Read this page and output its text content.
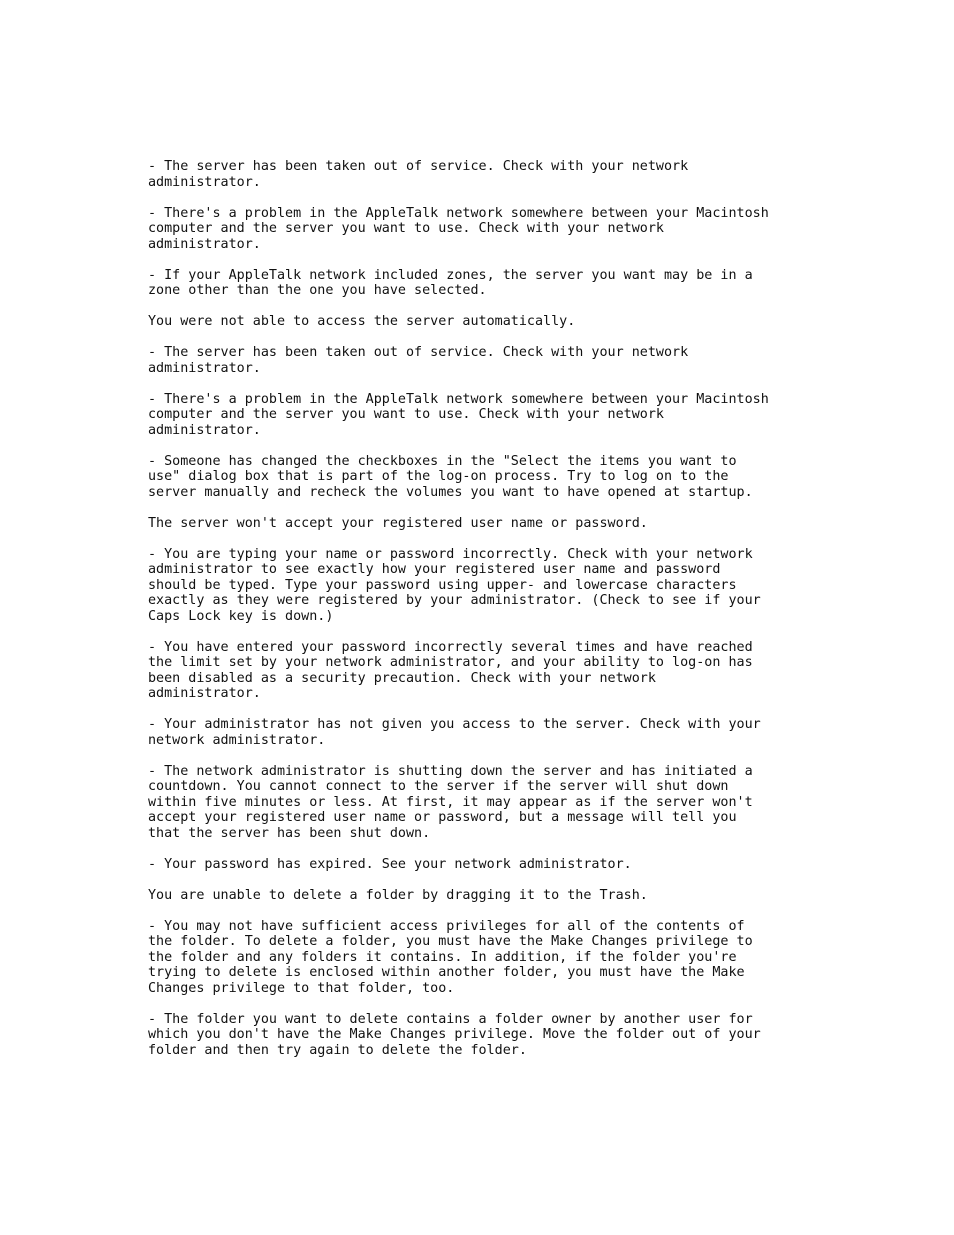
- The server has been taken out of service. Check with your network
administrator.

- There's a problem in the AppleTalk network somewhere between your Macintosh
computer and the server you want to use. Check with your network
administrator.

- If your AppleTalk network included zones, the server you want may be in a
zone other than the one you have selected.

You were not able to access the server automatically.

- The server has been taken out of service. Check with your network
administrator.

- There's a problem in the AppleTalk network somewhere between your Macintosh
computer and the server you want to use. Check with your network
administrator.

- Someone has changed the checkboxes in the "Select the items you want to
use" dialog box that is part of the log-on process. Try to log on to the
server manually and recheck the volumes you want to have opened at startup.

The server won't accept your registered user name or password.

- You are typing your name or password incorrectly. Check with your network
administrator to see exactly how your registered user name and password
should be typed. Type your password using upper- and lowercase characters
exactly as they were registered by your administrator. (Check to see if your
Caps Lock key is down.)

- You have entered your password incorrectly several times and have reached
the limit set by your network administrator, and your ability to log-on has
been disabled as a security precaution. Check with your network
administrator.

- Your administrator has not given you access to the server. Check with your
network administrator.

- The network administrator is shutting down the server and has initiated a
countdown. You cannot connect to the server if the server will shut down
within five minutes or less. At first, it may appear as if the server won't
accept your registered user name or password, but a message will tell you
that the server has been shut down.

- Your password has expired. See your network administrator.

You are unable to delete a folder by dragging it to the Trash.

- You may not have sufficient access privileges for all of the contents of
the folder. To delete a folder, you must have the Make Changes privilege to
the folder and any folders it contains. In addition, if the folder you're
trying to delete is enclosed within another folder, you must have the Make
Changes privilege to that folder, too.

- The folder you want to delete contains a folder owner by another user for
which you don't have the Make Changes privilege. Move the folder out of your
folder and then try again to delete the folder.
